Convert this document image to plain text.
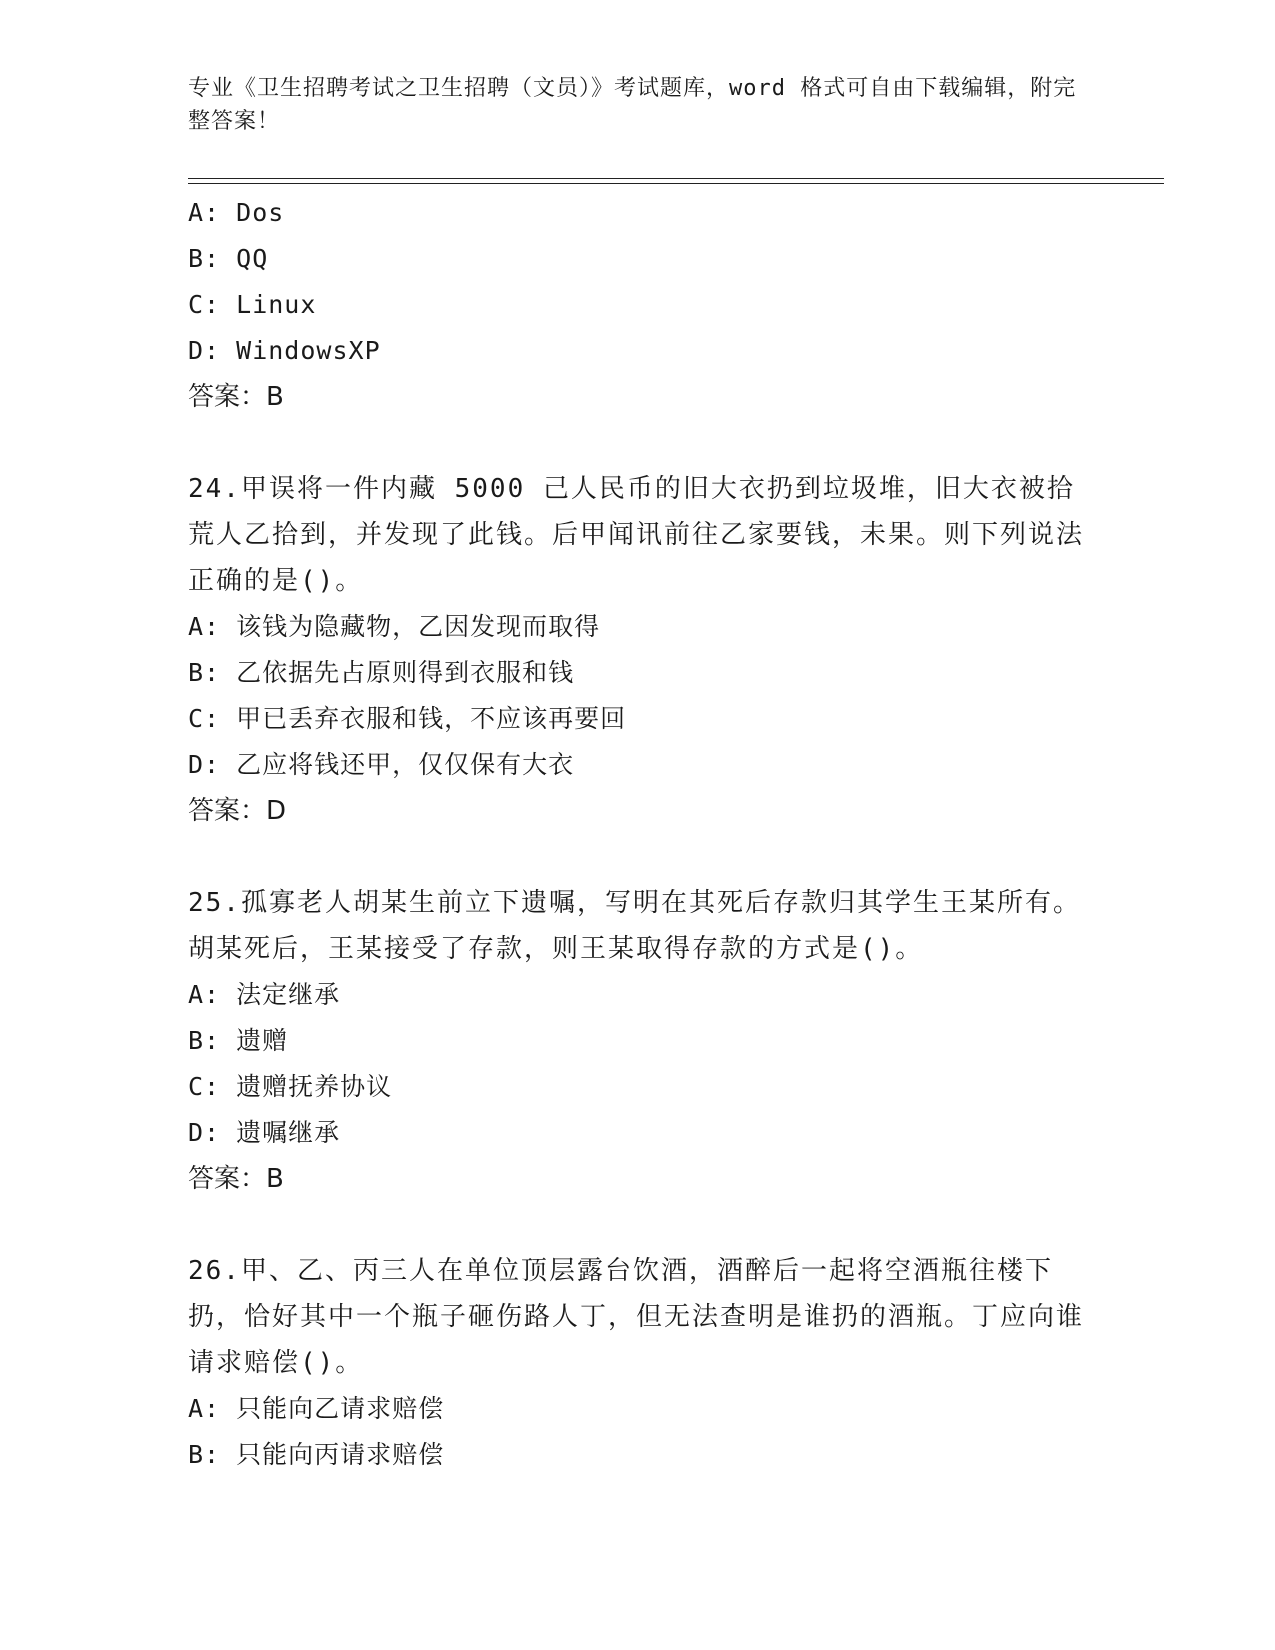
专业《卫生招聘考试之卫生招聘（文员）》考试题库，word 格式可自由下载编辑，附完整答案！
A: Dos
B: QQ
C: Linux
D: WindowsXP
答案：B
24.甲误将一件内藏 5000 己人民币的旧大衣扔到垃圾堆，旧大衣被拾荒人乙拾到，并发现了此钱。后甲闻讯前往乙家要钱，未果。则下列说法正确的是()。
A: 该钱为隐藏物，乙因发现而取得
B: 乙依据先占原则得到衣服和钱
C: 甲已丢弃衣服和钱，不应该再要回
D: 乙应将钱还甲，仅仅保有大衣
答案：D
25.孤寡老人胡某生前立下遗嘱，写明在其死后存款归其学生王某所有。胡某死后，王某接受了存款，则王某取得存款的方式是()。
A: 法定继承
B: 遗赠
C: 遗赠抚养协议
D: 遗嘱继承
答案：B
26.甲、乙、丙三人在单位顶层露台饮酒，酒醉后一起将空酒瓶往楼下扔，恰好其中一个瓶子砸伤路人丁，但无法查明是谁扔的酒瓶。丁应向谁请求赔偿()。
A: 只能向乙请求赔偿
B: 只能向丙请求赔偿
